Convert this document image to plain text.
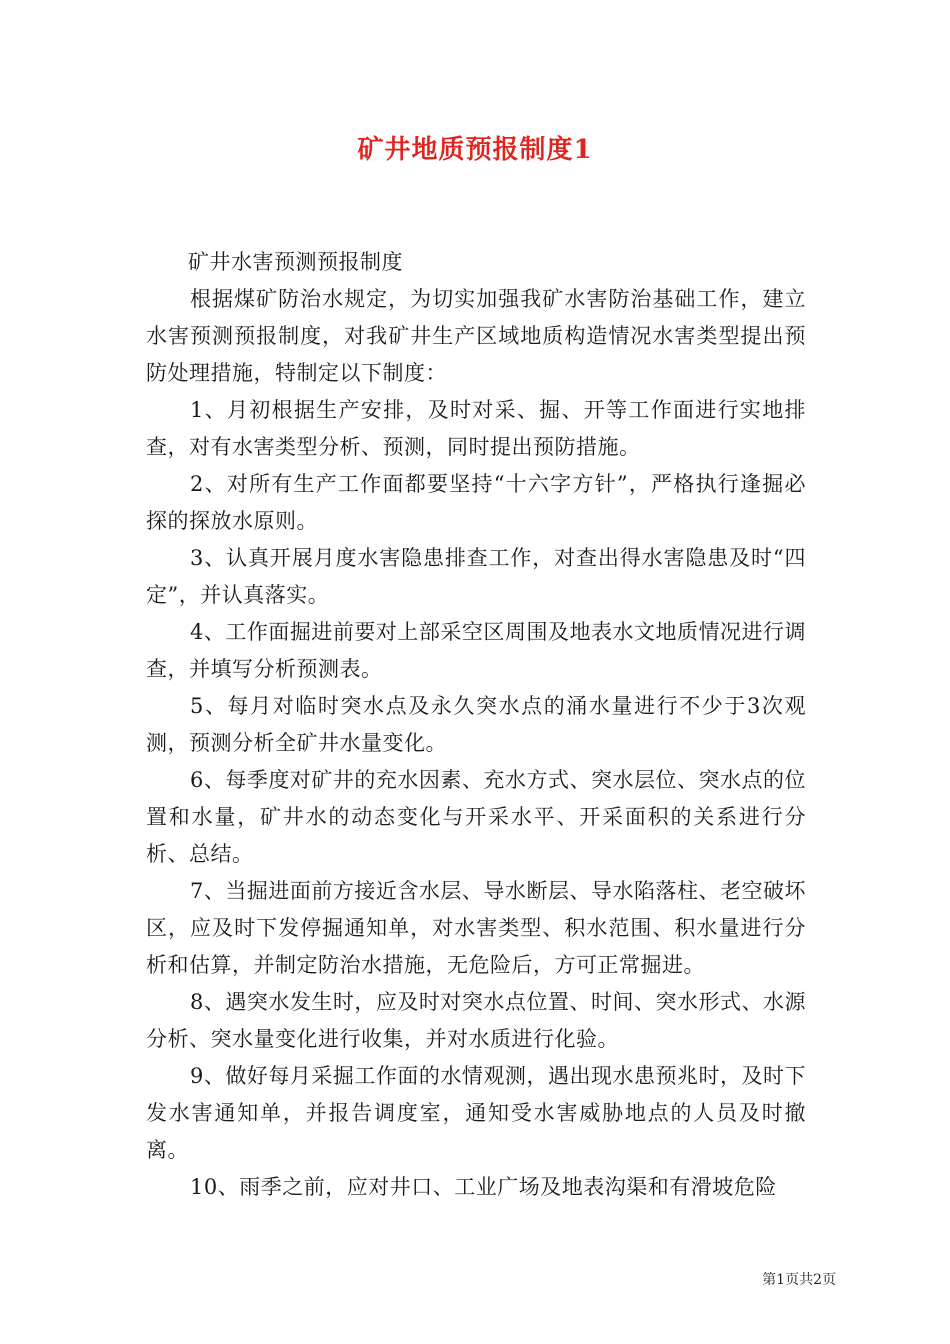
矿井地质预报制度1

矿井水害预测预报制度

根据煤矿防治水规定，为切实加强我矿水害防治基础工作，建立水害预测预报制度，对我矿井生产区域地质构造情况水害类型提出预防处理措施，特制定以下制度：

1、月初根据生产安排，及时对采、掘、开等工作面进行实地排查，对有水害类型分析、预测，同时提出预防措施。

2、对所有生产工作面都要坚持“十六字方针”，严格执行逢掘必探的探放水原则。

3、认真开展月度水害隐患排查工作，对查出得水害隐患及时“四定”，并认真落实。

4、工作面掘进前要对上部采空区周围及地表水文地质情况进行调查，并填写分析预测表。

5、每月对临时突水点及永久突水点的涌水量进行不少于3次观测，预测分析全矿井水量变化。

6、每季度对矿井的充水因素、充水方式、突水层位、突水点的位置和水量，矿井水的动态变化与开采水平、开采面积的关系进行分析、总结。

7、当掘进面前方接近含水层、导水断层、导水陷落柱、老空破坏区，应及时下发停掘通知单，对水害类型、积水范围、积水量进行分析和估算，并制定防治水措施，无危险后，方可正常掘进。

8、遇突水发生时，应及时对突水点位置、时间、突水形式、水源分析、突水量变化进行收集，并对水质进行化验。

9、做好每月采掘工作面的水情观测，遇出现水患预兆时，及时下发水害通知单，并报告调度室，通知受水害威胁地点的人员及时撤离。

10、雨季之前，应对井口、工业广场及地表沟渠和有滑坡危险

第1页共2页
